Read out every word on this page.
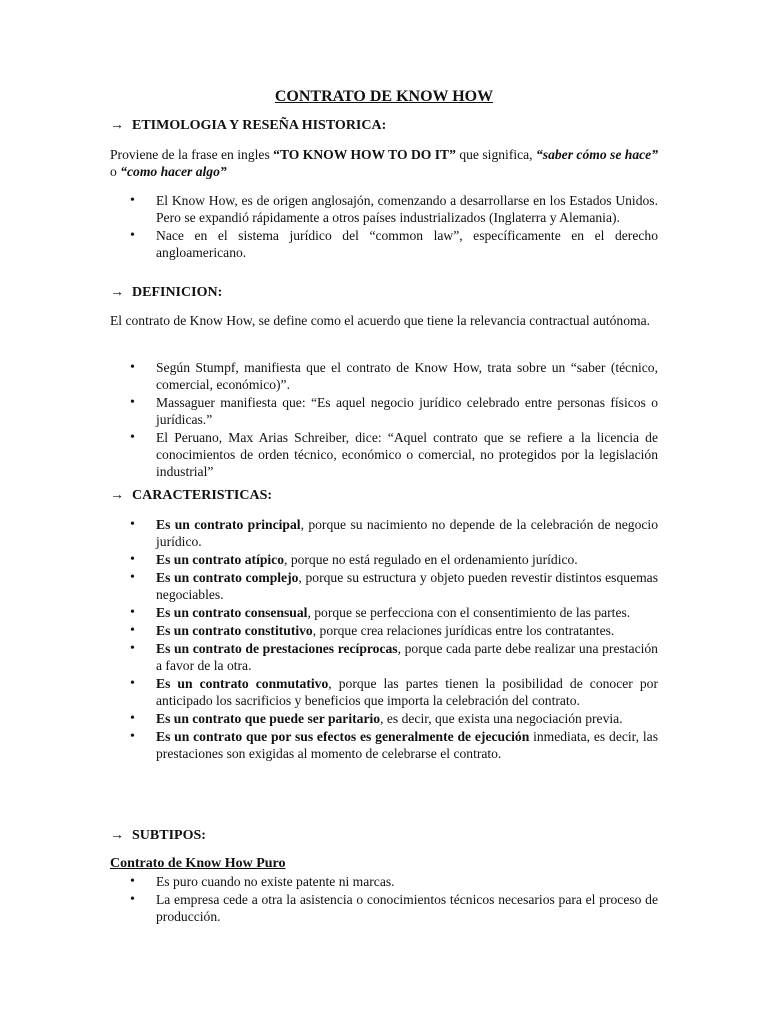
CONTRATO DE KNOW HOW

→ ETIMOLOGIA Y RESEÑA HISTORICA:

Proviene de la frase en ingles “TO KNOW HOW TO DO IT” que significa, “saber cómo se hace” o “como hacer algo”

• El Know How, es de origen anglosajón, comenzando a desarrollarse en los Estados Unidos. Pero se expandió rápidamente a otros países industrializados (Inglaterra y Alemania).
• Nace en el sistema jurídico del “common law”, específicamente en el derecho angloamericano.

→ DEFINICION:

El contrato de Know How, se define como el acuerdo que tiene la relevancia contractual autónoma.

• Según Stumpf, manifiesta que el contrato de Know How, trata sobre un “saber (técnico, comercial, económico)”.
• Massaguer manifiesta que: “Es aquel negocio jurídico celebrado entre personas físicos o jurídicas.”
• El Peruano, Max Arias Schreiber, dice: “Aquel contrato que se refiere a la licencia de conocimientos de orden técnico, económico o comercial, no protegidos por la legislación industrial”

→ CARACTERISTICAS:

• Es un contrato principal, porque su nacimiento no depende de la celebración de negocio jurídico.
• Es un contrato atípico, porque no está regulado en el ordenamiento jurídico.
• Es un contrato complejo, porque su estructura y objeto pueden revestir distintos esquemas negociables.
• Es un contrato consensual, porque se perfecciona con el consentimiento de las partes.
• Es un contrato constitutivo, porque crea relaciones jurídicas entre los contratantes.
• Es un contrato de prestaciones recíprocas, porque cada parte debe realizar una prestación a favor de la otra.
• Es un contrato conmutativo, porque las partes tienen la posibilidad de conocer por anticipado los sacrificios y beneficios que importa la celebración del contrato.
• Es un contrato que puede ser paritario, es decir, que exista una negociación previa.
• Es un contrato que por sus efectos es generalmente de ejecución inmediata, es decir, las prestaciones son exigidas al momento de celebrarse el contrato.

→ SUBTIPOS:

Contrato de Know How Puro

• Es puro cuando no existe patente ni marcas.
• La empresa cede a otra la asistencia o conocimientos técnicos necesarios para el proceso de producción.
